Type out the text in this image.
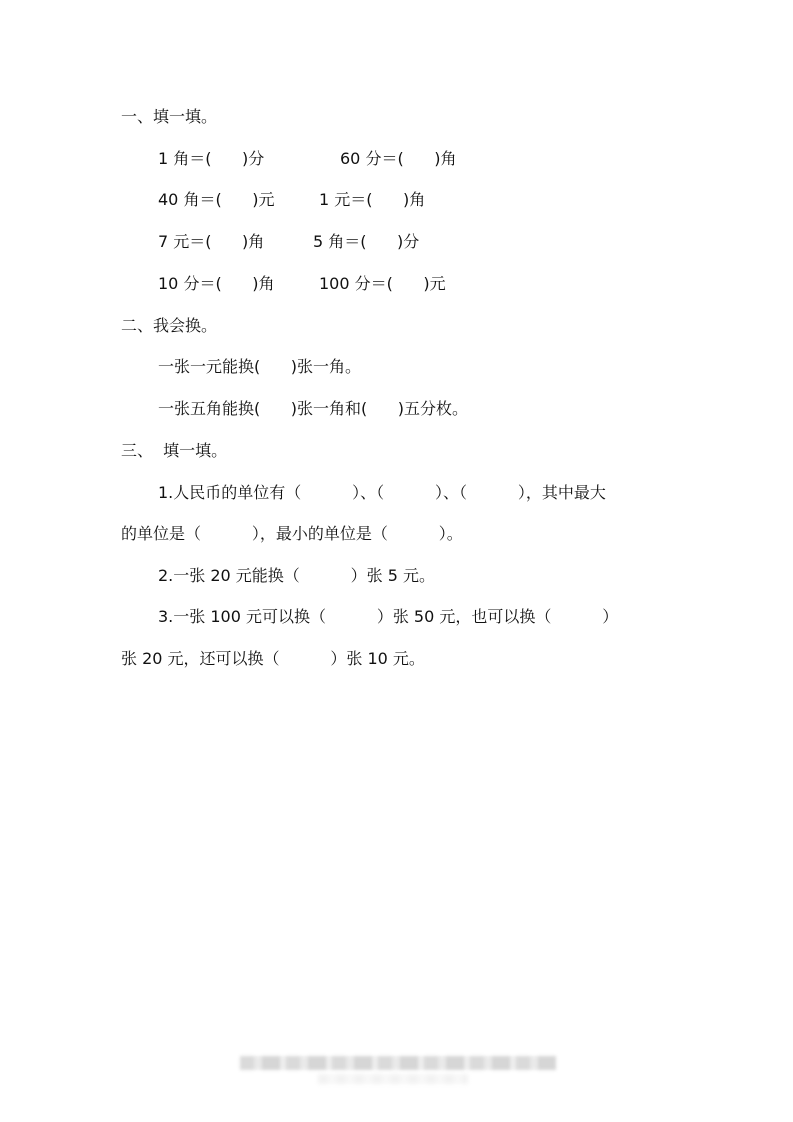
一、填一填。
1 角＝(      )分	60 分＝(      )角
40 角＝(      )元	1 元＝(      )角
7 元＝(      )角	5 角＝(      )分
10 分＝(      )角	100 分＝(      )元
二、我会换。
一张一元能换(      )张一角。
一张五角能换(      )张一角和(      )五分枚。
三、  填一填。
1.人民币的单位有（          ）、（          ）、（          ），其中最大
的单位是（          ），最小的单位是（          ）。
2.一张 20 元能换（          ）张 5 元。
3.一张 100 元可以换（          ）张 50 元，也可以换（          ）
张 20 元，还可以换（          ）张 10 元。
